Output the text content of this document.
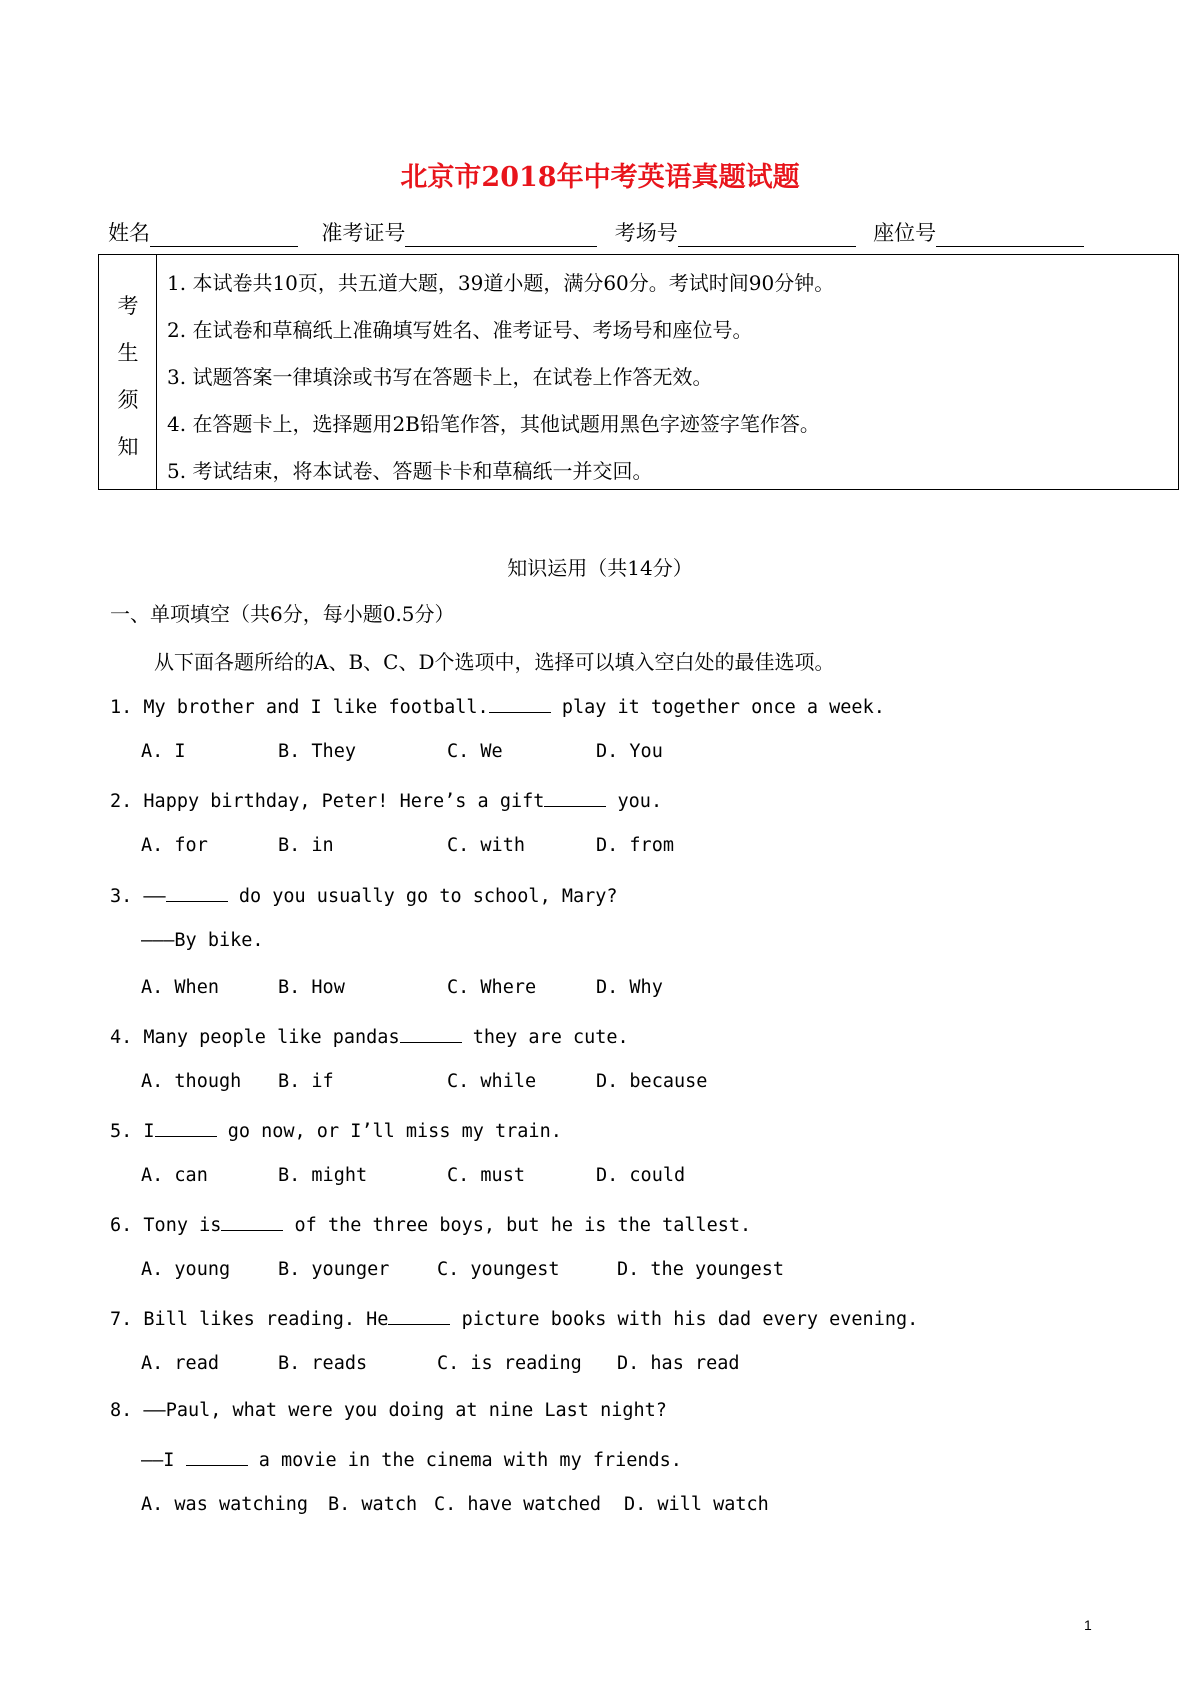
北京市2018年中考英语真题试题
姓名	准考证号	考场号	座位号
考
生
须
知
1. 本试卷共10页，共五道大题，39道小题，满分60分。考试时间90分钟。
2. 在试卷和草稿纸上准确填写姓名、准考证号、考场号和座位号。
3. 试题答案一律填涂或书写在答题卡上，在试卷上作答无效。
4. 在答题卡上，选择题用2B铅笔作答，其他试题用黑色字迹签字笔作答。
5. 考试结束，将本试卷、答题卡卡和草稿纸一并交回。
知识运用（共14分）
一、单项填空（共6分，每小题0.5分）
从下面各题所给的A、B、C、D个选项中，选择可以填入空白处的最佳选项。
1. My brother and I like football.	play it together once a week.
A. I	B. They	C. We	D. You
2. Happy birthday, Peter! Here’s a gift	you.
A. for	B. in	C. with	D. from
3. ——	do you usually go to school, Mary?
———By bike.
A. When	B. How	C. Where	D. Why
4. Many people like pandas	they are cute.
A. though B. if	C. while	D. because
5. I	go now, or I’ll miss my train.
A. can	B. might	C. must	D. could
6. Tony is	of the three boys, but he is the tallest.
A. young	B. younger	C. youngest	D. the youngest
7. Bill likes reading. He	picture books with his dad every evening.
A. read	B. reads	C. is reading D. has read
8. ——Paul, what were you doing at nine Last night?
——I	a movie in the cinema with my friends.
A. was watching B. watch C. have watched D. will watch
1
